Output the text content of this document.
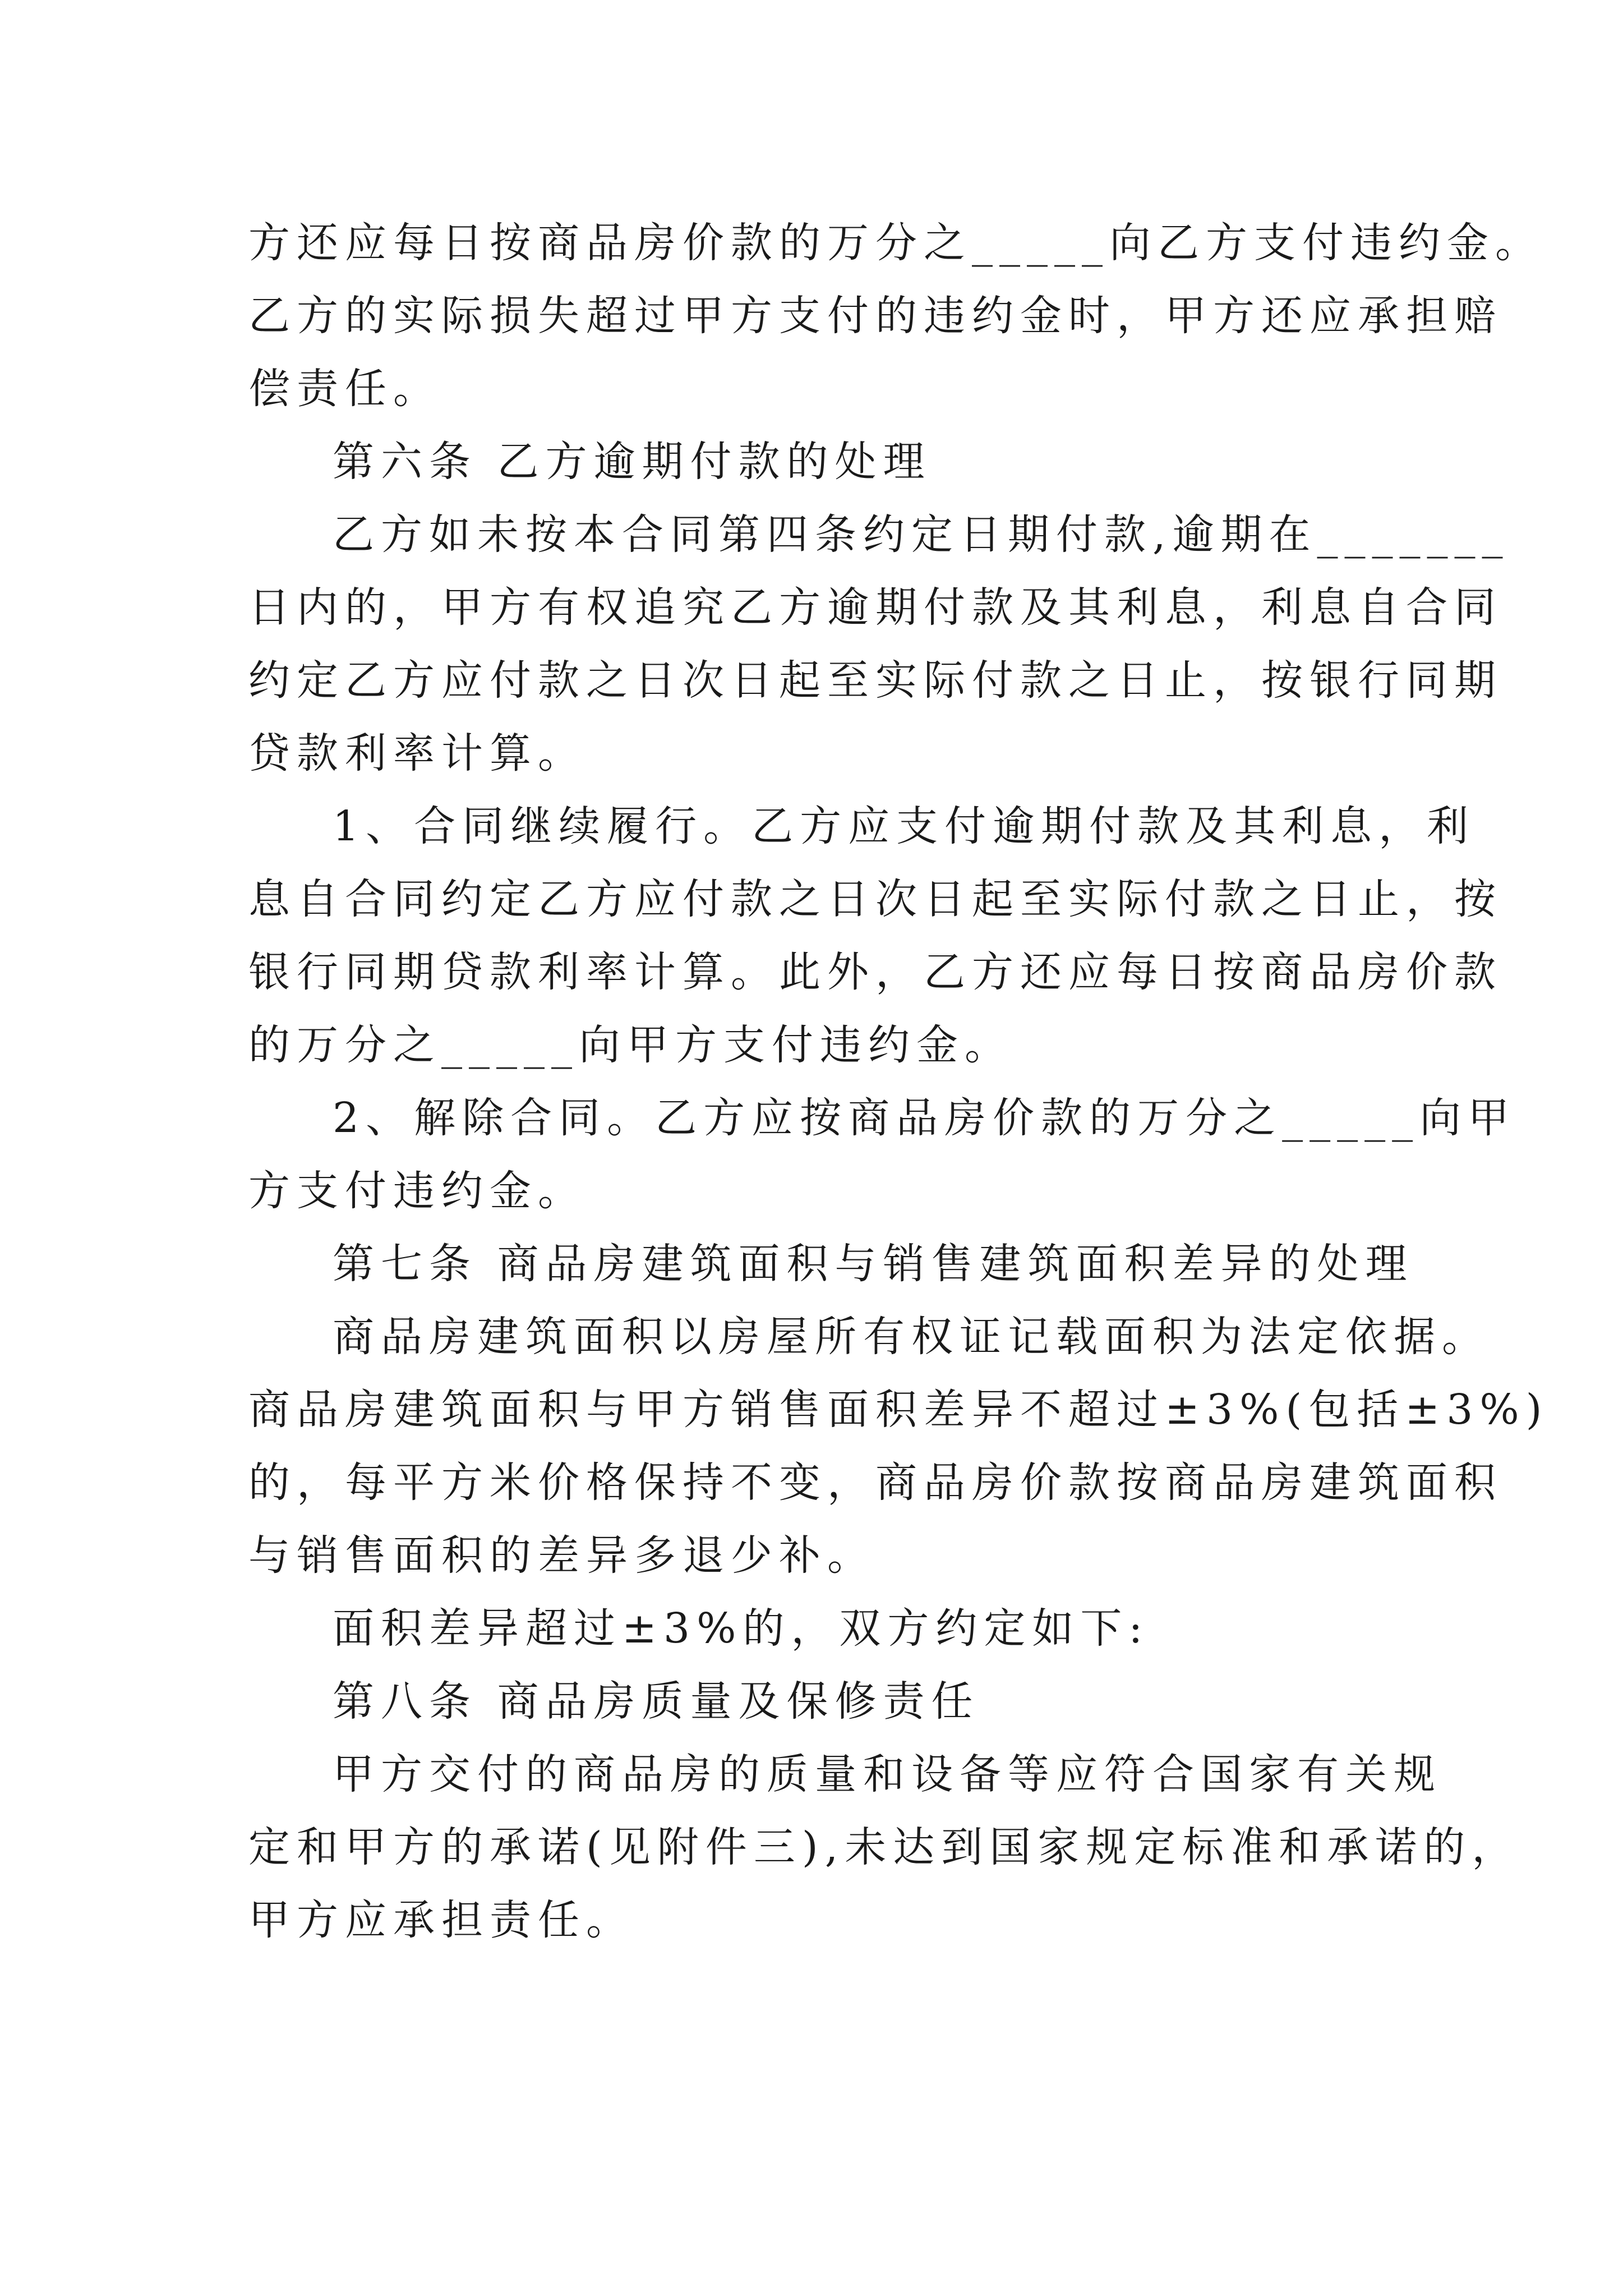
方还应每日按商品房价款的万分之_____向乙方支付违约金。

乙方的实际损失超过甲方支付的违约金时，甲方还应承担赔

偿责任。

第六条 乙方逾期付款的处理

乙方如未按本合同第四条约定日期付款,逾期在_______

日内的，甲方有权追究乙方逾期付款及其利息，利息自合同

约定乙方应付款之日次日起至实际付款之日止，按银行同期

贷款利率计算。

1、合同继续履行。乙方应支付逾期付款及其利息，利

息自合同约定乙方应付款之日次日起至实际付款之日止，按

银行同期贷款利率计算。此外，乙方还应每日按商品房价款

的万分之_____向甲方支付违约金。

2、解除合同。乙方应按商品房价款的万分之_____向甲

方支付违约金。

第七条 商品房建筑面积与销售建筑面积差异的处理

商品房建筑面积以房屋所有权证记载面积为法定依据。

商品房建筑面积与甲方销售面积差异不超过±3%(包括±3%)

的，每平方米价格保持不变，商品房价款按商品房建筑面积

与销售面积的差异多退少补。

面积差异超过±3%的，双方约定如下:

第八条 商品房质量及保修责任

甲方交付的商品房的质量和设备等应符合国家有关规

定和甲方的承诺(见附件三),未达到国家规定标准和承诺的，

甲方应承担责任。
